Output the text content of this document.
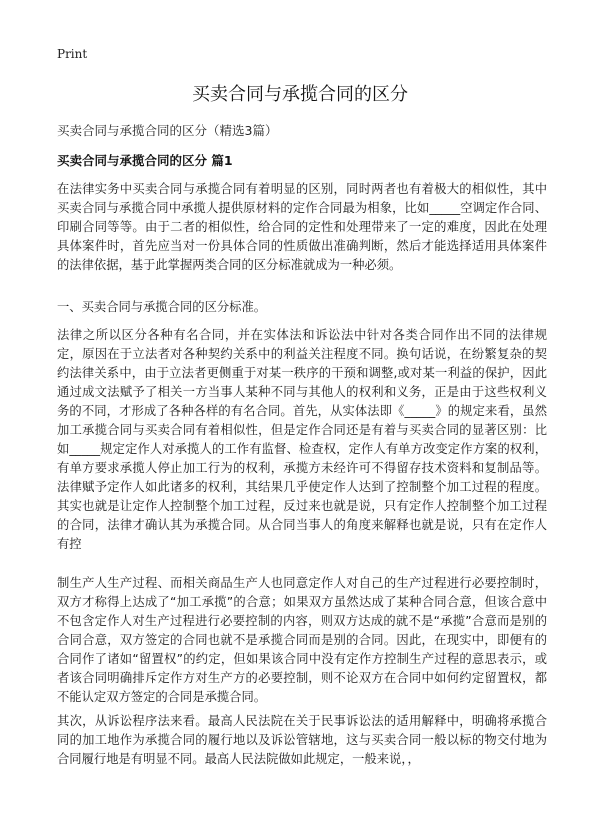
Print
买卖合同与承揽合同的区分
买卖合同与承揽合同的区分（精选3篇）
买卖合同与承揽合同的区分 篇1

在法律实务中买卖合同与承揽合同有着明显的区别，同时两者也有着极大的相似性，其中买卖合同与承揽合同中承揽人提供原材料的定作合同最为相象，比如_____空调定作合同、印刷合同等等。由于二者的相似性，给合同的定性和处理带来了一定的难度，因此在处理具体案件时，首先应当对一份具体合同的性质做出准确判断，然后才能选择适用具体案件的法律依据，基于此掌握两类合同的区分标准就成为一种必须。

一、买卖合同与承揽合同的区分标准。

法律之所以区分各种有名合同，并在实体法和诉讼法中针对各类合同作出不同的法律规定，原因在于立法者对各种契约关系中的利益关注程度不同。换句话说，在纷繁复杂的契约法律关系中，由于立法者更侧重于对某一秩序的干预和调整,或对某一利益的保护，因此通过成文法赋予了相关一方当事人某种不同与其他人的权利和义务，正是由于这些权利义务的不同，才形成了各种各样的有名合同。首先，从实体法即《_____》的规定来看，虽然加工承揽合同与买卖合同有着相似性，但是定作合同还是有着与买卖合同的显著区别：比如_____规定定作人对承揽人的工作有监督、检查权，定作人有单方改变定作方案的权利，有单方要求承揽人停止加工行为的权利，承揽方未经许可不得留存技术资料和复制品等。法律赋予定作人如此诸多的权利，其结果几乎使定作人达到了控制整个加工过程的程度。其实也就是让定作人控制整个加工过程，反过来也就是说，只有定作人控制整个加工过程的合同，法律才确认其为承揽合同。从合同当事人的角度来解释也就是说，只有在定作人有控

制生产人生产过程、而相关商品生产人也同意定作人对自己的生产过程进行必要控制时，双方才称得上达成了“加工承揽”的合意；如果双方虽然达成了某种合同合意，但该合意中不包含定作人对生产过程进行必要控制的内容，则双方达成的就不是“承揽”合意而是别的合同合意，双方签定的合同也就不是承揽合同而是别的合同。因此，在现实中，即便有的合同作了诸如“留置权”的约定，但如果该合同中没有定作方控制生产过程的意思表示，或者该合同明确排斥定作方对生产方的必要控制，则不论双方在合同中如何约定留置权，都不能认定双方签定的合同是承揽合同。

其次，从诉讼程序法来看。最高人民法院在关于民事诉讼法的适用解释中，明确将承揽合同的加工地作为承揽合同的履行地以及诉讼管辖地，这与买卖合同一般以标的物交付地为合同履行地是有明显不同。最高人民法院做如此规定，一般来说，，
